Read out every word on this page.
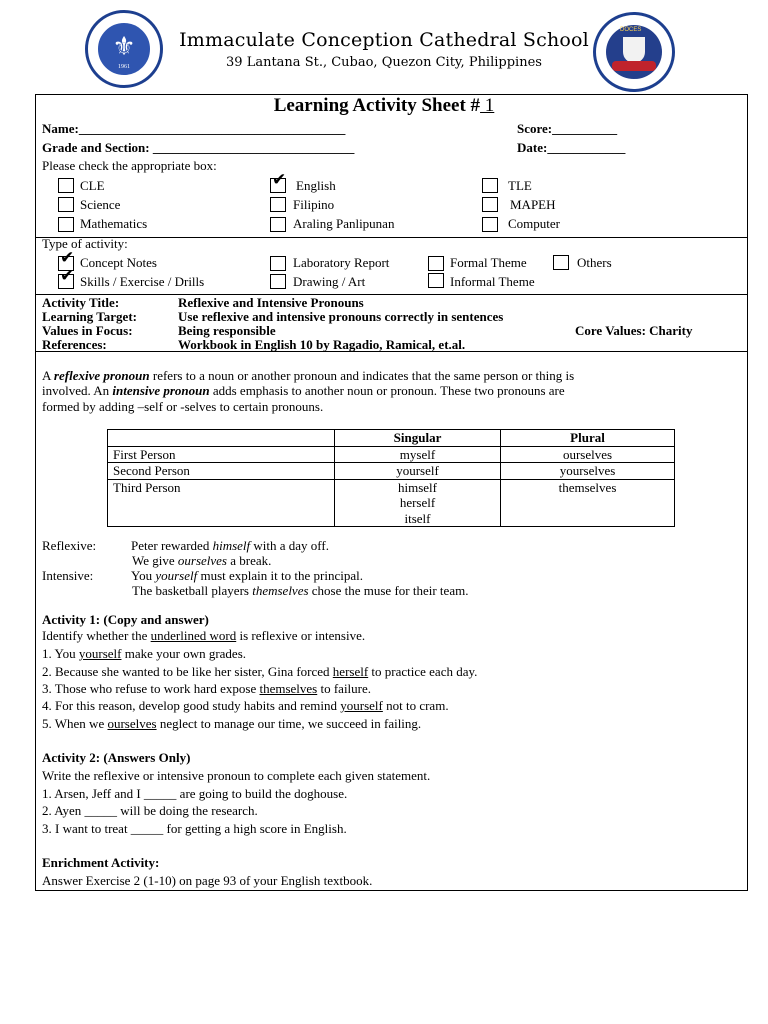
⚜
1961
Immaculate Conception Cathedral School
39 Lantana St., Cubao, Quezon City, Philippines
DOCES
Learning Activity Sheet # 1
Name:_________________________________________	Score:__________
Grade and Section: _______________________________	Date:____________
Please check the appropriate box:
CLE	✔ English	TLE
Science	Filipino	MAPEH
Mathematics	Araling Panlipunan	Computer
Type of activity:
✔ Concept Notes	Laboratory Report	Formal Theme	Others
✔ Skills / Exercise / Drills	Drawing / Art	Informal Theme
Activity Title:	Reflexive and Intensive Pronouns
Learning Target:	Use reflexive and intensive pronouns correctly in sentences
Values in Focus:	Being responsible	Core Values: Charity
References:	Workbook in English 10 by Ragadio, Ramical, et.al.
A reflexive pronoun refers to a noun or another pronoun and indicates that the same person or thing is
involved. An intensive pronoun adds emphasis to another noun or pronoun. These two pronouns are
formed by adding –self or -selves to certain pronouns.
	Singular	Plural
First Person	myself	ourselves
Second Person	yourself	yourselves
Third Person	himself
herself
itself	themselves
Reflexive:	Peter rewarded himself with a day off.
We give ourselves a break.
Intensive:	You yourself must explain it to the principal.
The basketball players themselves chose the muse for their team.
Activity 1: (Copy and answer)
Identify whether the underlined word is reflexive or intensive.
1. You yourself make your own grades.
2. Because she wanted to be like her sister, Gina forced herself to practice each day.
3. Those who refuse to work hard expose themselves to failure.
4. For this reason, develop good study habits and remind yourself not to cram.
5. When we ourselves neglect to manage our time, we succeed in failing.
Activity 2: (Answers Only)
Write the reflexive or intensive pronoun to complete each given statement.
1. Arsen, Jeff and I _____ are going to build the doghouse.
2. Ayen _____ will be doing the research.
3. I want to treat _____ for getting a high score in English.
Enrichment Activity:
Answer Exercise 2 (1-10) on page 93 of your English textbook.
